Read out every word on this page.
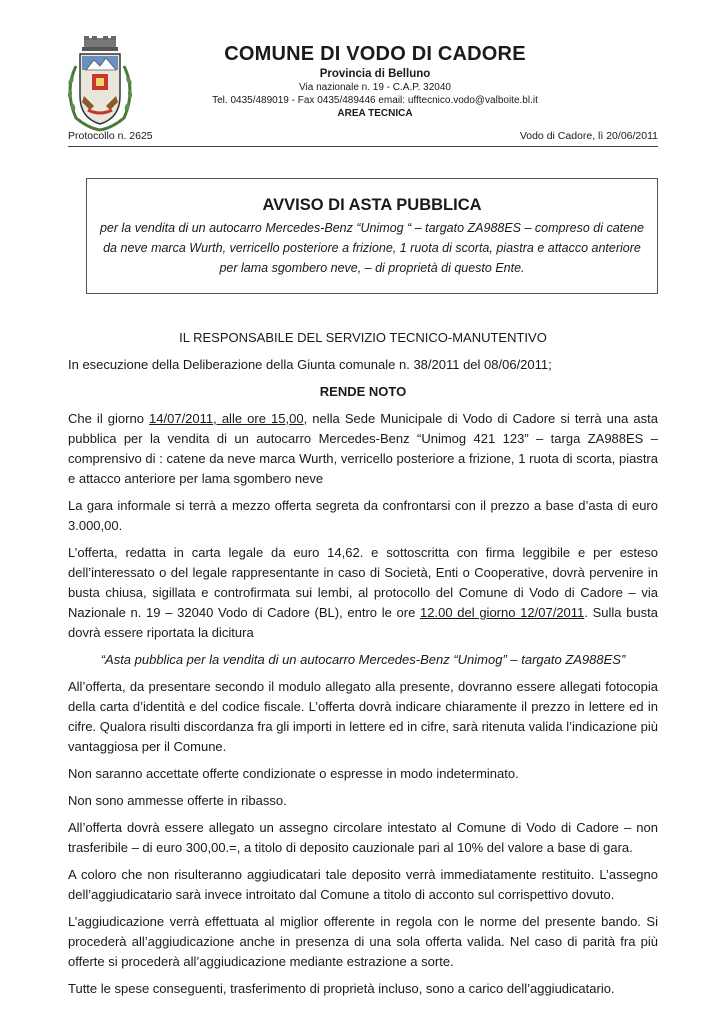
COMUNE DI VODO DI CADORE
Provincia di Belluno
Via nazionale n. 19 - C.A.P. 32040
Tel. 0435/489019 - Fax 0435/489446 email: ufftecnico.vodo@valboite.bl.it
AREA TECNICA
Protocollo n. 2625	Vodo di Cadore, lì 20/06/2011
AVVISO DI ASTA PUBBLICA
per la vendita di un autocarro Mercedes-Benz “Unimog “ – targato ZA988ES – compreso di catene da neve marca Wurth, verricello posteriore a frizione, 1 ruota di scorta, piastra e attacco anteriore per lama sgombero neve, – di proprietà di questo Ente.

IL RESPONSABILE DEL SERVIZIO TECNICO-MANUTENTIVO

In esecuzione della Deliberazione della Giunta comunale n. 38/2011 del 08/06/2011;

RENDE NOTO

Che il giorno 14/07/2011, alle ore 15,00, nella Sede Municipale di Vodo di Cadore si terrà una asta pubblica per la vendita di un autocarro Mercedes-Benz “Unimog 421 123” – targa ZA988ES – comprensivo di : catene da neve marca Wurth, verricello posteriore a frizione, 1 ruota di scorta, piastra e attacco anteriore per lama sgombero neve

La gara informale si terrà a mezzo offerta segreta da confrontarsi con il prezzo a base d’asta di euro 3.000,00.

L’offerta, redatta in carta legale da euro 14,62. e sottoscritta con firma leggibile e per esteso dell’interessato o del legale rappresentante in caso di Società, Enti o Cooperative, dovrà pervenire in busta chiusa, sigillata e controfirmata sui lembi, al protocollo del Comune di Vodo di Cadore – via Nazionale n. 19 – 32040 Vodo di Cadore (BL), entro le ore 12.00 del giorno 12/07/2011. Sulla busta dovrà essere riportata la dicitura

“Asta pubblica per la vendita di un autocarro Mercedes-Benz “Unimog” – targato ZA988ES”

All’offerta, da presentare secondo il modulo allegato alla presente, dovranno essere allegati fotocopia della carta d’identità e del codice fiscale. L’offerta dovrà indicare chiaramente il prezzo in lettere ed in cifre. Qualora risulti discordanza fra gli importi in lettere ed in cifre, sarà ritenuta valida l’indicazione più vantaggiosa per il Comune.

Non saranno accettate offerte condizionate o espresse in modo indeterminato.

Non sono ammesse offerte in ribasso.

All’offerta dovrà essere allegato un assegno circolare intestato al Comune di Vodo di Cadore – non trasferibile – di euro 300,00.=, a titolo di deposito cauzionale pari al 10% del valore a base di gara.

A coloro che non risulteranno aggiudicatari tale deposito verrà immediatamente restituito. L’assegno dell’aggiudicatario sarà invece introitato dal Comune a titolo di acconto sul corrispettivo dovuto.

L’aggiudicazione verrà effettuata al miglior offerente in regola con le norme del presente bando. Si procederà all’aggiudicazione anche in presenza di una sola offerta valida. Nel caso di parità fra più offerte si procederà all’aggiudicazione mediante estrazione a sorte.

Tutte le spese conseguenti, trasferimento di proprietà incluso, sono a carico dell’aggiudicatario.
